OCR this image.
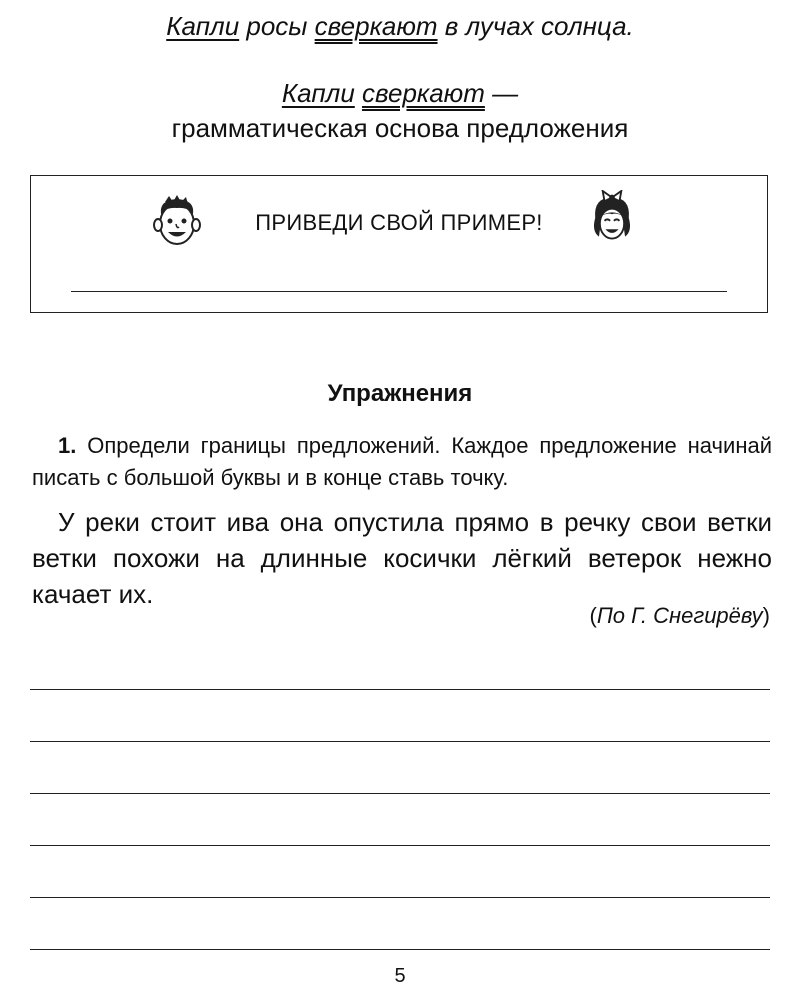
Капли росы сверкают в лучах солнца.
Капли сверкают —
грамматическая основа предложения
ПРИВЕДИ СВОЙ ПРИМЕР!
Упражнения
1. Определи границы предложений. Каждое предложение начинай писать с большой буквы и в конце ставь точку.
У реки стоит ива она опустила прямо в речку свои ветки ветки похожи на длинные косички лёгкий ветерок нежно качает их.
(По Г. Снегирёву)
5
